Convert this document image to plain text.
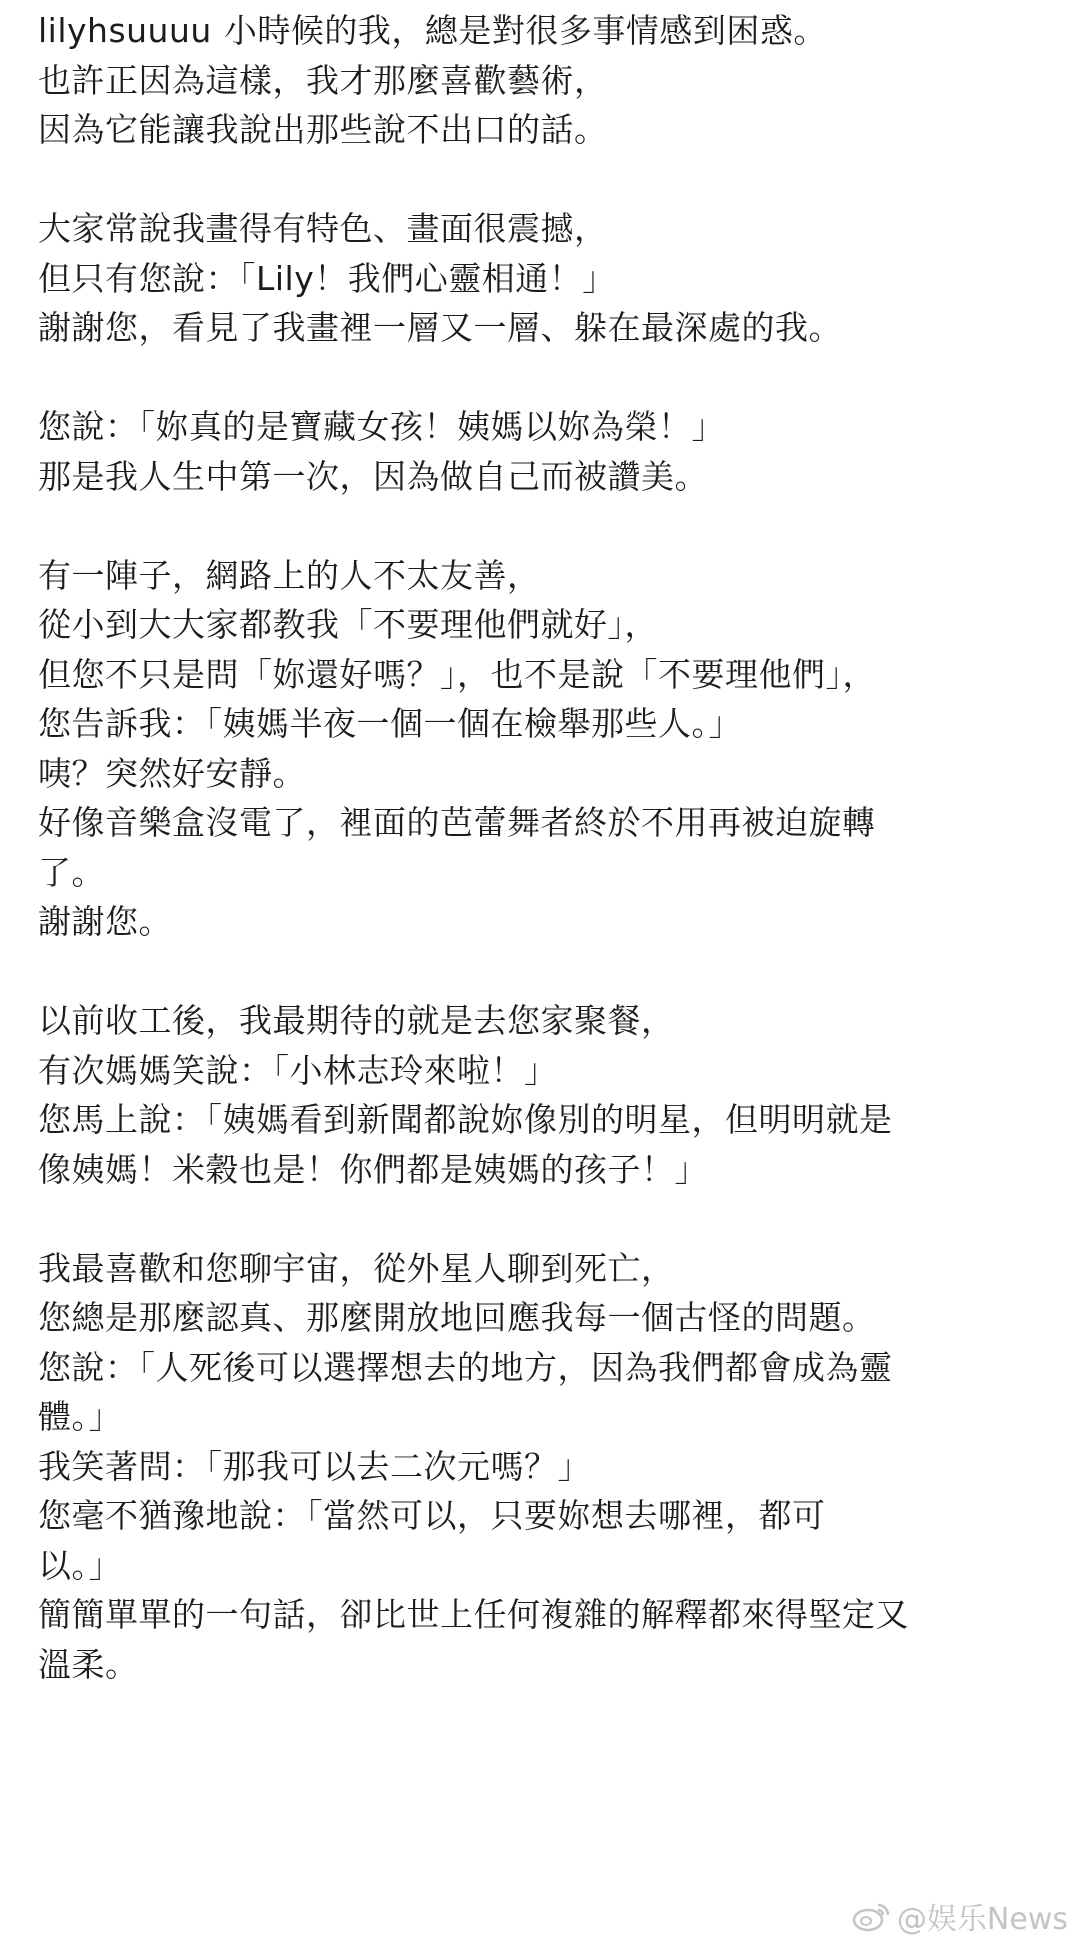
lilyhsuuuu 小時候的我，總是對很多事情感到困惑。
也許正因為這樣，我才那麼喜歡藝術，
因為它能讓我說出那些說不出口的話。
大家常說我畫得有特色、畫面很震撼，
但只有您說：「Lily！我們心靈相通！」
謝謝您，看見了我畫裡一層又一層、躲在最深處的我。
您說：「妳真的是寶藏女孩！姨媽以妳為榮！」
那是我人生中第一次，因為做自己而被讚美。
有一陣子，網路上的人不太友善，
從小到大大家都教我「不要理他們就好」，
但您不只是問「妳還好嗎？」，也不是說「不要理他們」，
您告訴我：「姨媽半夜一個一個在檢舉那些人。」
咦？突然好安靜。
好像音樂盒沒電了，裡面的芭蕾舞者終於不用再被迫旋轉
了。
謝謝您。
以前收工後，我最期待的就是去您家聚餐，
有次媽媽笑說：「小林志玲來啦！」
您馬上說：「姨媽看到新聞都說妳像別的明星，但明明就是
像姨媽！米穀也是！你們都是姨媽的孩子！」
我最喜歡和您聊宇宙，從外星人聊到死亡，
您總是那麼認真、那麼開放地回應我每一個古怪的問題。
您說：「人死後可以選擇想去的地方，因為我們都會成為靈
體。」
我笑著問：「那我可以去二次元嗎？」
您毫不猶豫地說：「當然可以，只要妳想去哪裡，都可
以。」
簡簡單單的一句話，卻比世上任何複雜的解釋都來得堅定又
溫柔。
@娱乐News
